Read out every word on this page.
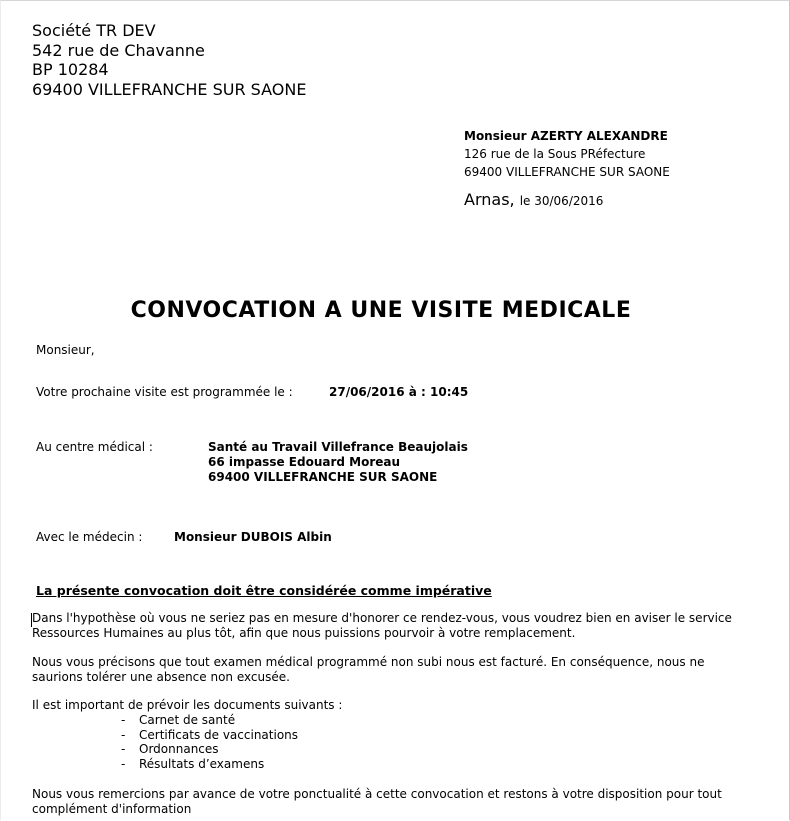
Société TR DEV
542 rue de Chavanne
BP 10284
69400 VILLEFRANCHE SUR SAONE
Monsieur AZERTY ALEXANDRE
126 rue de la Sous PRéfecture
69400 VILLEFRANCHE SUR SAONE
Arnas, le 30/06/2016
CONVOCATION A UNE VISITE MEDICALE
Monsieur,
Votre prochaine visite est programmée le :	27/06/2016 à : 10:45
Au centre médical :	Santé au Travail Villefrance Beaujolais
66 impasse Edouard Moreau
69400 VILLEFRANCHE SUR SAONE
Avec le médecin :	Monsieur DUBOIS Albin
La présente convocation doit être considérée comme impérative
Dans l'hypothèse où vous ne seriez pas en mesure d'honorer ce rendez-vous, vous voudrez bien en aviser le service
Ressources Humaines au plus tôt, afin que nous puissions pourvoir à votre remplacement.
Nous vous précisons que tout examen médical programmé non subi nous est facturé. En conséquence, nous ne
saurions tolérer une absence non excusée.
Il est important de prévoir les documents suivants :
- Carnet de santé
- Certificats de vaccinations
- Ordonnances
- Résultats d’examens
Nous vous remercions par avance de votre ponctualité à cette convocation et restons à votre disposition pour tout
complément d'information
